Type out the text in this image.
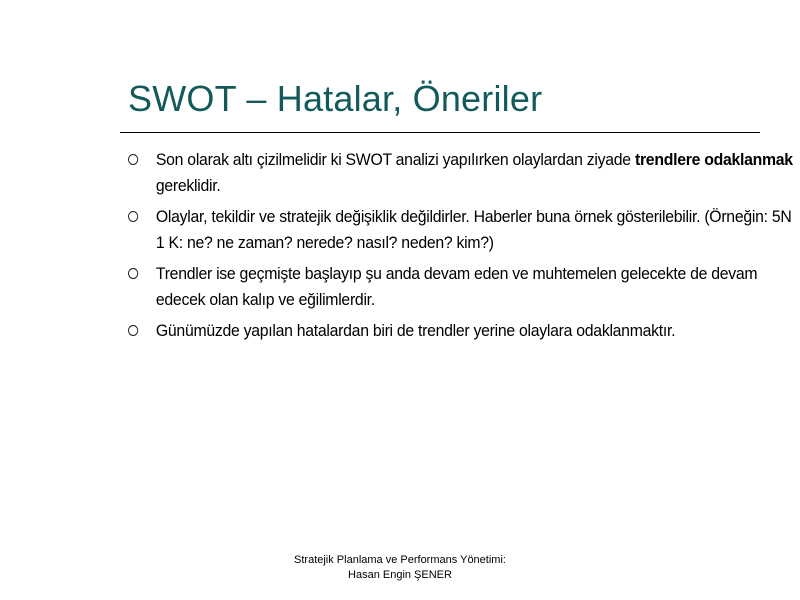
SWOT – Hatalar, Öneriler
Son olarak altı çizilmelidir ki SWOT analizi yapılırken olaylardan ziyade trendlere odaklanmak gereklidir.
Olaylar, tekildir ve stratejik değişiklik değildirler. Haberler buna örnek gösterilebilir. (Örneğin: 5N 1 K: ne? ne zaman? nerede? nasıl? neden? kim?)
Trendler ise geçmişte başlayıp şu anda devam eden ve muhtemelen gelecekte de devam edecek olan kalıp ve eğilimlerdir.
Günümüzde yapılan hatalardan biri de trendler yerine olaylara odaklanmaktır.
Stratejik Planlama ve Performans Yönetimi:
Hasan Engin ŞENER
